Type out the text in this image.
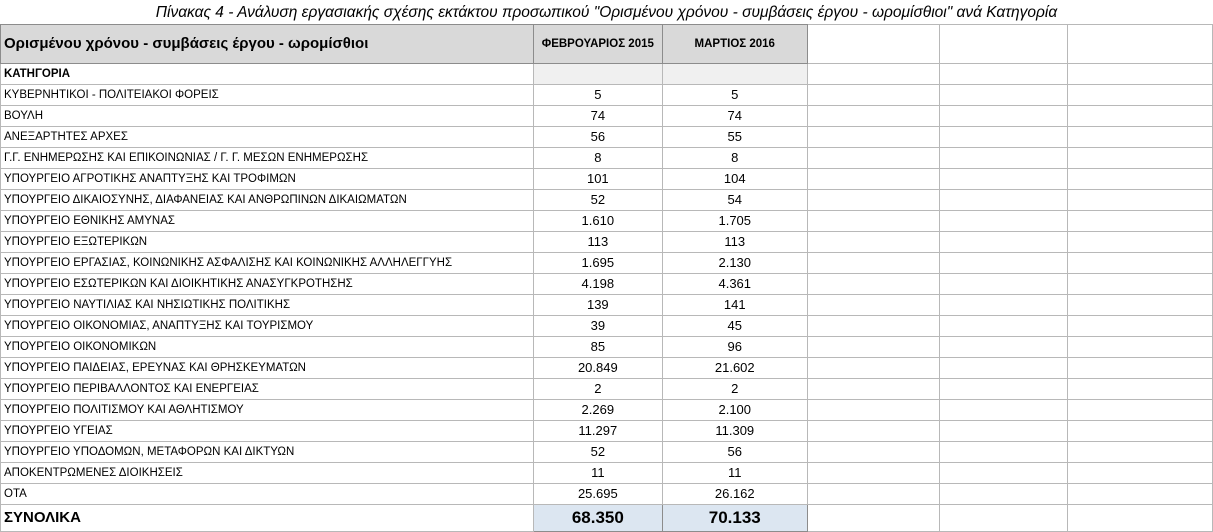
Πίνακας 4 - Ανάλυση εργασιακής σχέσης εκτάκτου προσωπικού "Ορισμένου χρόνου - συμβάσεις έργου - ωρομίσθιοι" ανά Κατηγορία
Ορισμένου χρόνου - συμβάσεις έργου - ωρομίσθιοι	ΦΕΒΡΟΥΑΡΙΟΣ 2015	ΜΑΡΤΙΟΣ 2016			
ΚΑΤΗΓΟΡΙΑ					
ΚΥΒΕΡΝΗΤΙΚΟΙ - ΠΟΛΙΤΕΙΑΚΟΙ ΦΟΡΕΙΣ	5	5			
ΒΟΥΛΗ	74	74			
ΑΝΕΞΑΡΤΗΤΕΣ ΑΡΧΕΣ	56	55			
Γ.Γ. ΕΝΗΜΕΡΩΣΗΣ ΚΑΙ ΕΠΙΚΟΙΝΩΝΙΑΣ / Γ. Γ. ΜΕΣΩΝ ΕΝΗΜΕΡΩΣΗΣ	8	8			
ΥΠΟΥΡΓΕΙΟ ΑΓΡΟΤΙΚΗΣ ΑΝΑΠΤΥΞΗΣ ΚΑΙ ΤΡΟΦΙΜΩΝ	101	104			
ΥΠΟΥΡΓΕΙΟ ΔΙΚΑΙΟΣΥΝΗΣ, ΔΙΑΦΑΝΕΙΑΣ ΚΑΙ ΑΝΘΡΩΠΙΝΩΝ ΔΙΚΑΙΩΜΑΤΩΝ	52	54			
ΥΠΟΥΡΓΕΙΟ ΕΘΝΙΚΗΣ ΑΜΥΝΑΣ	1.610	1.705			
ΥΠΟΥΡΓΕΙΟ ΕΞΩΤΕΡΙΚΩΝ	113	113			
ΥΠΟΥΡΓΕΙΟ ΕΡΓΑΣΙΑΣ, ΚΟΙΝΩΝΙΚΗΣ ΑΣΦΑΛΙΣΗΣ ΚΑΙ ΚΟΙΝΩΝΙΚΗΣ ΑΛΛΗΛΕΓΓΥΗΣ	1.695	2.130			
ΥΠΟΥΡΓΕΙΟ ΕΣΩΤΕΡΙΚΩΝ ΚΑΙ ΔΙΟΙΚΗΤΙΚΗΣ ΑΝΑΣΥΓΚΡΟΤΗΣΗΣ	4.198	4.361			
ΥΠΟΥΡΓΕΙΟ ΝΑΥΤΙΛΙΑΣ ΚΑΙ ΝΗΣΙΩΤΙΚΗΣ ΠΟΛΙΤΙΚΗΣ	139	141			
ΥΠΟΥΡΓΕΙΟ ΟΙΚΟΝΟΜΙΑΣ, ΑΝΑΠΤΥΞΗΣ ΚΑΙ ΤΟΥΡΙΣΜΟΥ	39	45			
ΥΠΟΥΡΓΕΙΟ ΟΙΚΟΝΟΜΙΚΩΝ	85	96			
ΥΠΟΥΡΓΕΙΟ ΠΑΙΔΕΙΑΣ, ΕΡΕΥΝΑΣ ΚΑΙ ΘΡΗΣΚΕΥΜΑΤΩΝ	20.849	21.602			
ΥΠΟΥΡΓΕΙΟ ΠΕΡΙΒΑΛΛΟΝΤΟΣ ΚΑΙ ΕΝΕΡΓΕΙΑΣ	2	2			
ΥΠΟΥΡΓΕΙΟ ΠΟΛΙΤΙΣΜΟΥ ΚΑΙ ΑΘΛΗΤΙΣΜΟΥ	2.269	2.100			
ΥΠΟΥΡΓΕΙΟ ΥΓΕΙΑΣ	11.297	11.309			
ΥΠΟΥΡΓΕΙΟ ΥΠΟΔΟΜΩΝ, ΜΕΤΑΦΟΡΩΝ ΚΑΙ ΔΙΚΤΥΩΝ	52	56			
ΑΠΟΚΕΝΤΡΩΜΕΝΕΣ ΔΙΟΙΚΗΣΕΙΣ	11	11			
ΟΤΑ	25.695	26.162			
ΣΥΝΟΛΙΚΑ	68.350	70.133			
